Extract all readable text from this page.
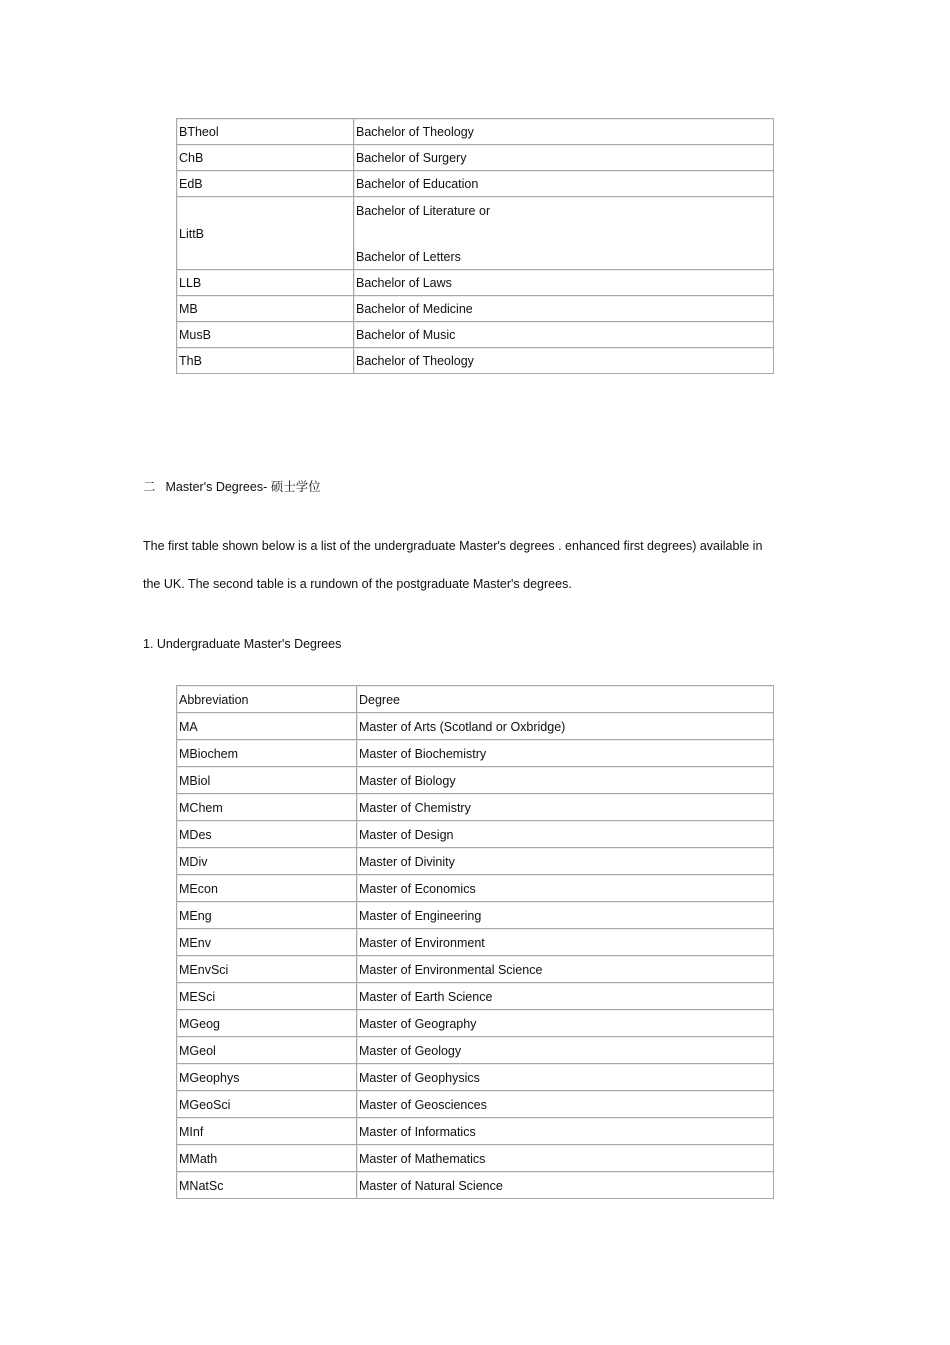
BTheol	Bachelor of Theology
ChB	Bachelor of Surgery
EdB	Bachelor of Education
LittB	Bachelor of Literature or
Bachelor of Letters

LLB	Bachelor of Laws
MB	Bachelor of Medicine
MusB	Bachelor of Music
ThB	Bachelor of Theology

二 Master's Degrees- 硕士学位

The first table shown below is a list of the undergraduate Master's degrees . enhanced first degrees) available in

the UK. The second table is a rundown of the postgraduate Master's degrees.

1. Undergraduate Master's Degrees

Abbreviation	Degree
MA	Master of Arts (Scotland or Oxbridge)
MBiochem	Master of Biochemistry
MBiol	Master of Biology
MChem	Master of Chemistry
MDes	Master of Design
MDiv	Master of Divinity
MEcon	Master of Economics
MEng	Master of Engineering
MEnv	Master of Environment
MEnvSci	Master of Environmental Science
MESci	Master of Earth Science
MGeog	Master of Geography
MGeol	Master of Geology
MGeophys	Master of Geophysics
MGeoSci	Master of Geosciences
MInf	Master of Informatics
MMath	Master of Mathematics
MNatSc	Master of Natural Science
